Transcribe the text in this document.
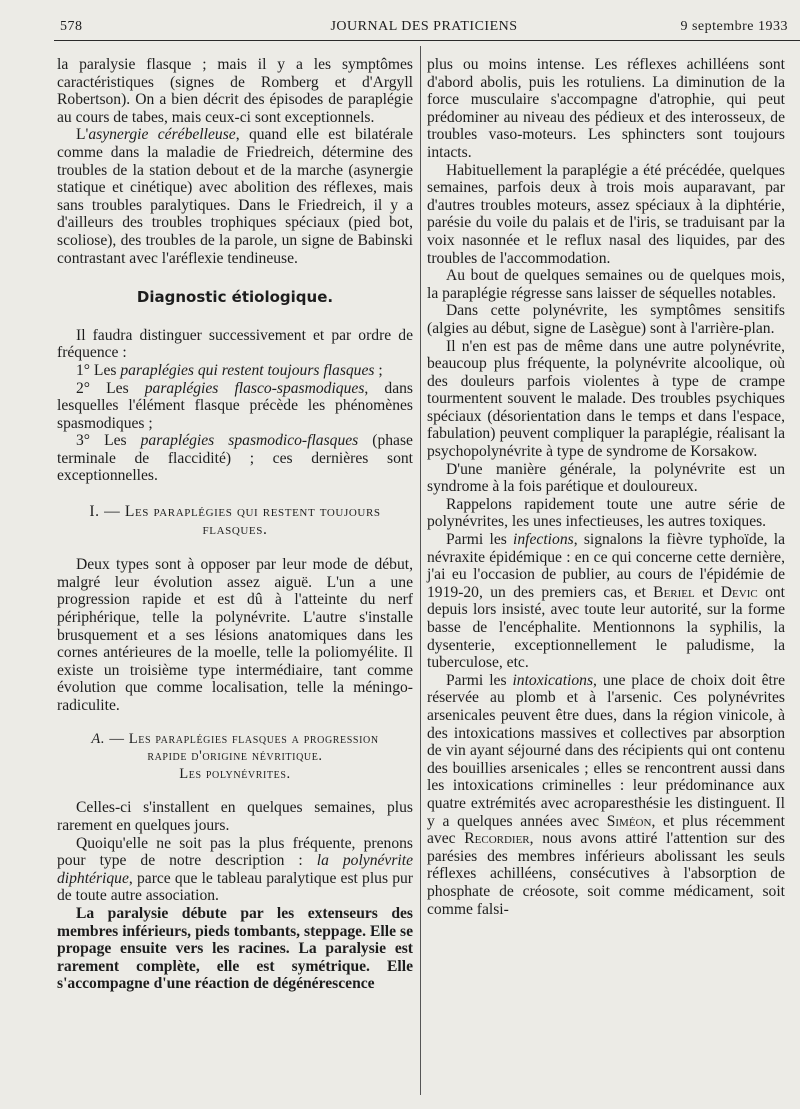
578	JOURNAL DES PRATICIENS	9 septembre 1933

la paralysie flasque ; mais il y a les symptômes caractéristiques (signes de Romberg et d'Argyll Robertson). On a bien décrit des épisodes de paraplégie au cours de tabes, mais ceux-ci sont exceptionnels.

L'asynergie cérébelleuse, quand elle est bilatérale comme dans la maladie de Friedreich, détermine des troubles de la station debout et de la marche (asynergie statique et cinétique) avec abolition des réflexes, mais sans troubles paralytiques. Dans le Friedreich, il y a d'ailleurs des troubles trophiques spéciaux (pied bot, scoliose), des troubles de la parole, un signe de Babinski contrastant avec l'aréflexie tendineuse.

Diagnostic étiologique.

Il faudra distinguer successivement et par ordre de fréquence :

1° Les paraplégies qui restent toujours flasques ;

2° Les paraplégies flasco-spasmodiques, dans lesquelles l'élément flasque précède les phénomènes spasmodiques ;

3° Les paraplégies spasmodico-flasques (phase terminale de flaccidité) ; ces dernières sont exceptionnelles.

I. — Les paraplégies qui restent toujours
flasques.

Deux types sont à opposer par leur mode de début, malgré leur évolution assez aiguë. L'un a une progression rapide et est dû à l'atteinte du nerf périphérique, telle la polynévrite. L'autre s'installe brusquement et a ses lésions anatomiques dans les cornes antérieures de la moelle, telle la poliomyélite. Il existe un troisième type intermédiaire, tant comme évolution que comme localisation, telle la méningo-radiculite.

A. — Les paraplégies flasques a progression
rapide d'origine névritique.
Les polynévrites.

Celles-ci s'installent en quelques semaines, plus rarement en quelques jours.

Quoiqu'elle ne soit pas la plus fréquente, prenons pour type de notre description : la polynévrite diphtérique, parce que le tableau paralytique est plus pur de toute autre association.

La paralysie débute par les extenseurs des membres inférieurs, pieds tombants, steppage. Elle se propage ensuite vers les racines. La paralysie est rarement complète, elle est symétrique. Elle s'accompagne d'une réaction de dégénérescence

plus ou moins intense. Les réflexes achilléens sont d'abord abolis, puis les rotuliens. La diminution de la force musculaire s'accompagne d'atrophie, qui peut prédominer au niveau des pédieux et des interosseux, de troubles vaso-moteurs. Les sphincters sont toujours intacts.

Habituellement la paraplégie a été précédée, quelques semaines, parfois deux à trois mois auparavant, par d'autres troubles moteurs, assez spéciaux à la diphtérie, parésie du voile du palais et de l'iris, se traduisant par la voix nasonnée et le reflux nasal des liquides, par des troubles de l'accommodation.

Au bout de quelques semaines ou de quelques mois, la paraplégie régresse sans laisser de séquelles notables.

Dans cette polynévrite, les symptômes sensitifs (algies au début, signe de Lasègue) sont à l'arrière-plan.

Il n'en est pas de même dans une autre polynévrite, beaucoup plus fréquente, la polynévrite alcoolique, où des douleurs parfois violentes à type de crampe tourmentent souvent le malade. Des troubles psychiques spéciaux (désorientation dans le temps et dans l'espace, fabulation) peuvent compliquer la paraplégie, réalisant la psychopolynévrite à type de syndrome de Korsakow.

D'une manière générale, la polynévrite est un syndrome à la fois parétique et douloureux.

Rappelons rapidement toute une autre série de polynévrites, les unes infectieuses, les autres toxiques.

Parmi les infections, signalons la fièvre typhoïde, la névraxite épidémique : en ce qui concerne cette dernière, j'ai eu l'occasion de publier, au cours de l'épidémie de 1919-20, un des premiers cas, et Beriel et Devic ont depuis lors insisté, avec toute leur autorité, sur la forme basse de l'encéphalite. Mentionnons la syphilis, la dysenterie, exceptionnellement le paludisme, la tuberculose, etc.

Parmi les intoxications, une place de choix doit être réservée au plomb et à l'arsenic. Ces polynévrites arsenicales peuvent être dues, dans la région vinicole, à des intoxications massives et collectives par absorption de vin ayant séjourné dans des récipients qui ont contenu des bouillies arsenicales ; elles se rencontrent aussi dans les intoxications criminelles : leur prédominance aux quatre extrémités avec acroparesthésie les distinguent. Il y a quelques années avec Siméon, et plus récemment avec Recordier, nous avons attiré l'attention sur des parésies des membres inférieurs abolissant les seuls réflexes achilléens, consécutives à l'absorption de phosphate de créosote, soit comme médicament, soit comme falsi-
